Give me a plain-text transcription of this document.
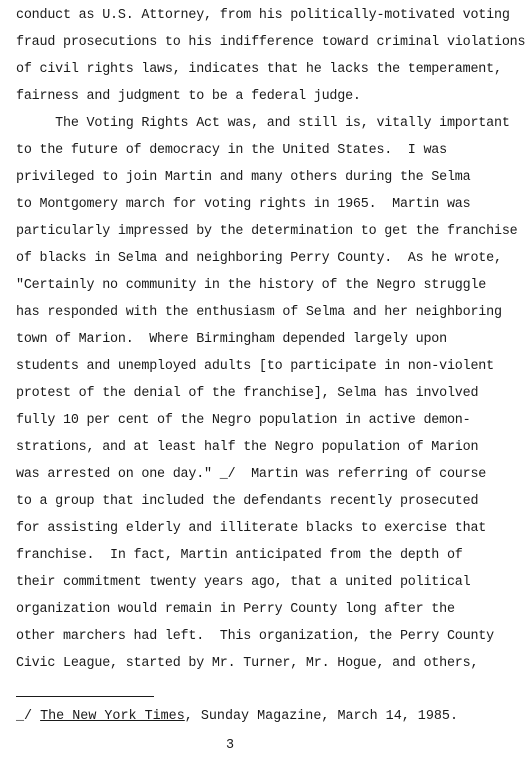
conduct as U.S. Attorney, from his politically-motivated voting
fraud prosecutions to his indifference toward criminal violations
of civil rights laws, indicates that he lacks the temperament,
fairness and judgment to be a federal judge.
The Voting Rights Act was, and still is, vitally important
to the future of democracy in the United States.  I was
privileged to join Martin and many others during the Selma
to Montgomery march for voting rights in 1965.  Martin was
particularly impressed by the determination to get the franchise
of blacks in Selma and neighboring Perry County.  As he wrote,
"Certainly no community in the history of the Negro struggle
has responded with the enthusiasm of Selma and her neighboring
town of Marion.  Where Birmingham depended largely upon
students and unemployed adults [to participate in non-violent
protest of the denial of the franchise], Selma has involved
fully 10 per cent of the Negro population in active demon-
strations, and at least half the Negro population of Marion
was arrested on one day." _/  Martin was referring of course
to a group that included the defendants recently prosecuted
for assisting elderly and illiterate blacks to exercise that
franchise.  In fact, Martin anticipated from the depth of
their commitment twenty years ago, that a united political
organization would remain in Perry County long after the
other marchers had left.  This organization, the Perry County
Civic League, started by Mr. Turner, Mr. Hogue, and others,
_/ The New York Times, Sunday Magazine, March 14, 1985.
3
